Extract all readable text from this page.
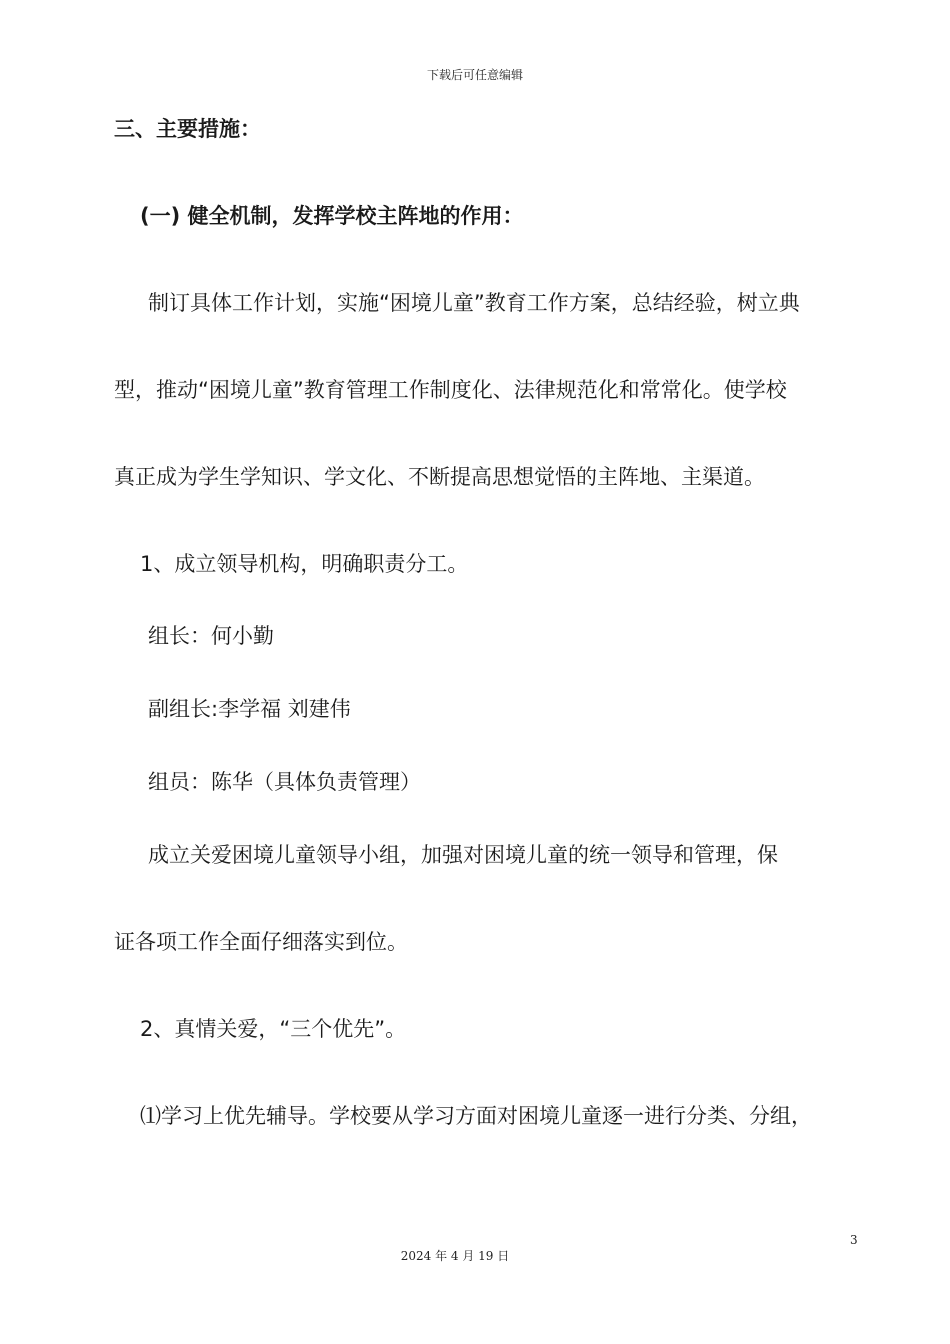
下载后可任意编辑
三、主要措施：
(一) 健全机制，发挥学校主阵地的作用：
制订具体工作计划，实施“困境儿童”教育工作方案，总结经验，树立典
型，推动“困境儿童”教育管理工作制度化、法律规范化和常常化。使学校
真正成为学生学知识、学文化、不断提高思想觉悟的主阵地、主渠道。
1、成立领导机构，明确职责分工。
组长：何小勤
副组长:李学福 刘建伟
组员：陈华（具体负责管理）
成立关爱困境儿童领导小组，加强对困境儿童的统一领导和管理，保
证各项工作全面仔细落实到位。
2、真情关爱，“三个优先”。
⑴学习上优先辅导。学校要从学习方面对困境儿童逐一进行分类、分组，
3
2024 年 4 月 19 日
